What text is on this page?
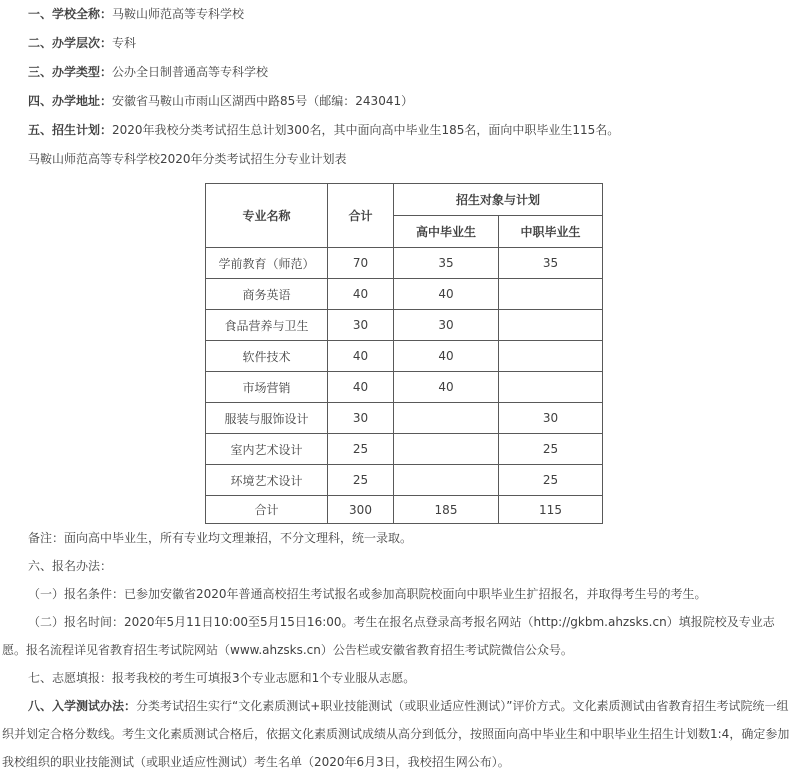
一、学校全称：马鞍山师范高等专科学校

二、办学层次：专科

三、办学类型：公办全日制普通高等专科学校

四、办学地址：安徽省马鞍山市雨山区湖西中路85号（邮编：243041）

五、招生计划：2020年我校分类考试招生总计划300名，其中面向高中毕业生185名，面向中职毕业生115名。

马鞍山师范高等专科学校2020年分类考试招生分专业计划表

专业名称	合计	招生对象与计划	
		高中毕业生	中职毕业生
学前教育（师范）	70	35	35
商务英语	40	40	
食品营养与卫生	30	30	
软件技术	40	40	
市场营销	40	40	
服装与服饰设计	30		30
室内艺术设计	25		25
环境艺术设计	25		25
合计	300	185	115

备注：面向高中毕业生，所有专业均文理兼招，不分文理科，统一录取。

六、报名办法：

（一）报名条件：已参加安徽省2020年普通高校招生考试报名或参加高职院校面向中职毕业生扩招报名，并取得考生号的考生。

（二）报名时间：2020年5月11日10:00至5月15日16:00。考生在报名点登录高考报名网站（http://gkbm.ahzsks.cn）填报院校及专业志愿。报名流程详见省教育招生考试院网站（www.ahzsks.cn）公告栏或安徽省教育招生考试院微信公众号。

七、志愿填报：报考我校的考生可填报3个专业志愿和1个专业服从志愿。

八、入学测试办法：分类考试招生实行“文化素质测试+职业技能测试（或职业适应性测试）”评价方式。文化素质测试由省教育招生考试院统一组织并划定合格分数线。考生文化素质测试合格后，依据文化素质测试成绩从高分到低分，按照面向高中毕业生和中职毕业生招生计划数1:4，确定参加我校组织的职业技能测试（或职业适应性测试）考生名单（2020年6月3日，我校招生网公布）。
